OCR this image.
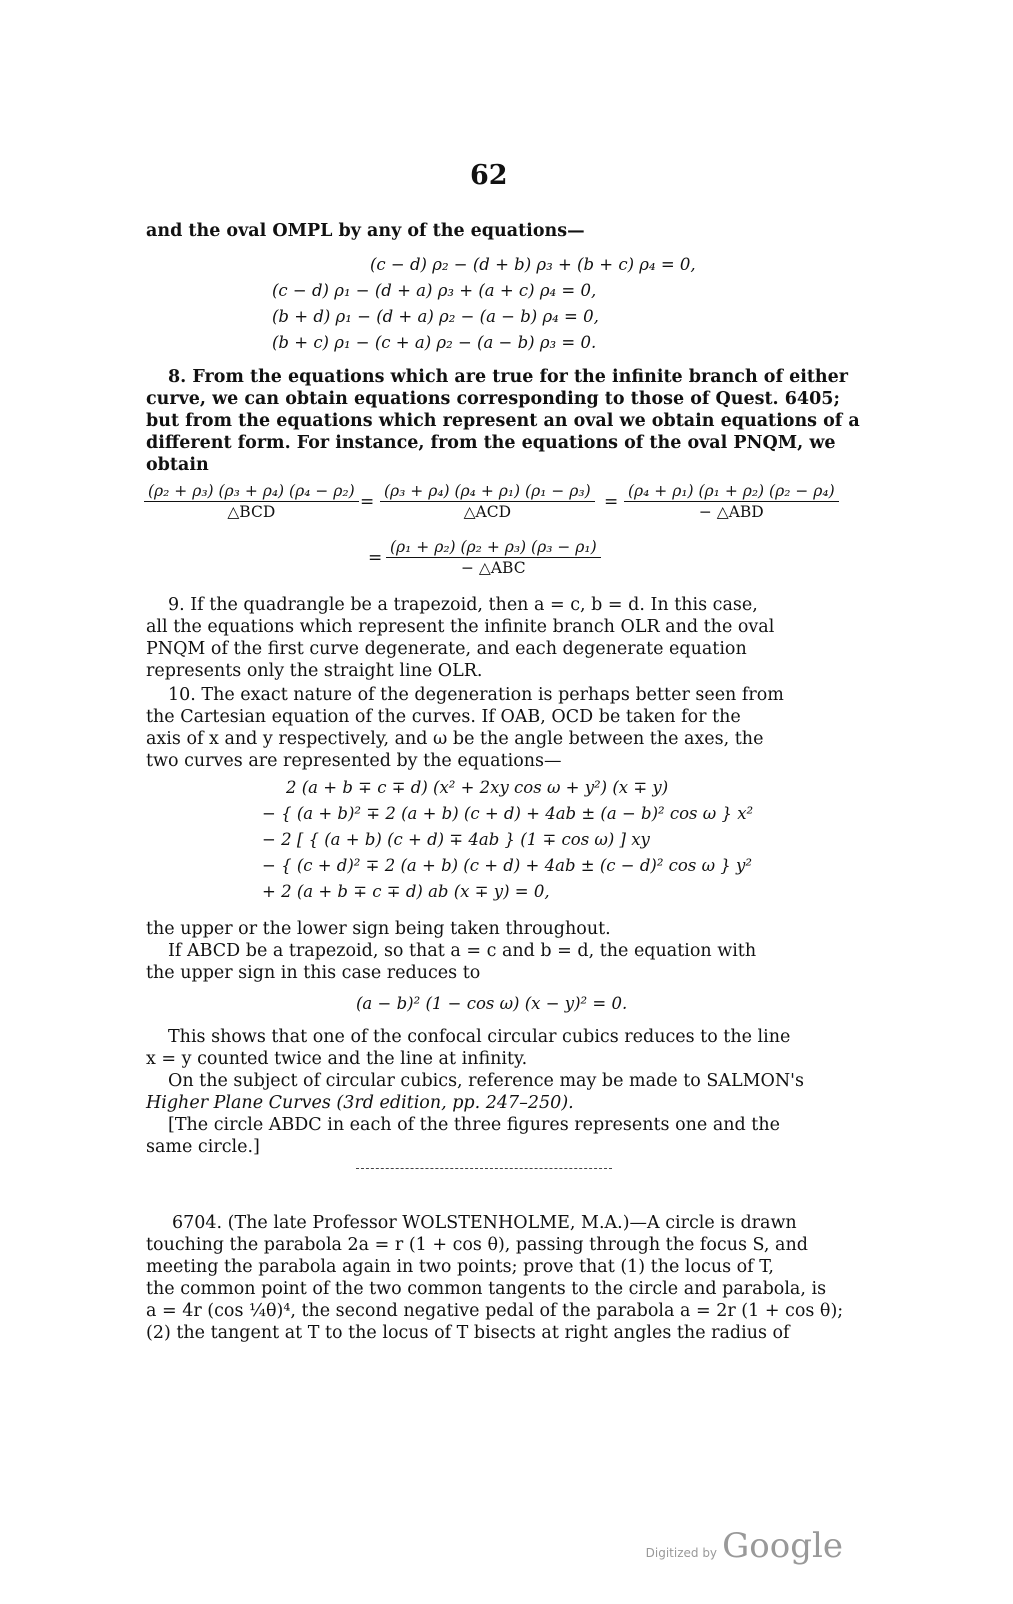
62
and the oval OMPL by any of the equations—
(c − d) ρ₂ − (d + b) ρ₃ + (b + c) ρ₄ = 0,
(c − d) ρ₁ − (d + a) ρ₃ + (a + c) ρ₄ = 0,
(b + d) ρ₁ − (d + a) ρ₂ − (a − b) ρ₄ = 0,
(b + c) ρ₁ − (c + a) ρ₂ − (a − b) ρ₃ = 0.
8. From the equations which are true for the infinite branch of either
curve, we can obtain equations corresponding to those of Quest. 6405;
but from the equations which represent an oval we obtain equations of a
different form. For instance, from the equations of the oval PNQM, we
obtain
(ρ₂ + ρ₃) (ρ₃ + ρ₄) (ρ₄ − ρ₂)
△BCD	=
(ρ₃ + ρ₄) (ρ₄ + ρ₁) (ρ₁ − ρ₃)
△ACD	=
(ρ₄ + ρ₁) (ρ₁ + ρ₂) (ρ₂ − ρ₄)
− △ABD
=
(ρ₁ + ρ₂) (ρ₂ + ρ₃) (ρ₃ − ρ₁)
− △ABC
9. If the quadrangle be a trapezoid, then a = c, b = d. In this case,
all the equations which represent the infinite branch OLR and the oval
PNQM of the first curve degenerate, and each degenerate equation
represents only the straight line OLR.
10. The exact nature of the degeneration is perhaps better seen from
the Cartesian equation of the curves. If OAB, OCD be taken for the
axis of x and y respectively, and ω be the angle between the axes, the
two curves are represented by the equations—
2 (a + b ∓ c ∓ d) (x² + 2xy cos ω + y²) (x ∓ y)
− { (a + b)² ∓ 2 (a + b) (c + d) + 4ab ± (a − b)² cos ω } x²
− 2 [ { (a + b) (c + d) ∓ 4ab } (1 ∓ cos ω) ] xy
− { (c + d)² ∓ 2 (a + b) (c + d) + 4ab ± (c − d)² cos ω } y²
+ 2 (a + b ∓ c ∓ d) ab (x ∓ y) = 0,
the upper or the lower sign being taken throughout.
If ABCD be a trapezoid, so that a = c and b = d, the equation with
the upper sign in this case reduces to
(a − b)² (1 − cos ω) (x − y)² = 0.
This shows that one of the confocal circular cubics reduces to the line
x = y counted twice and the line at infinity.
On the subject of circular cubics, reference may be made to SALMON's
Higher Plane Curves (3rd edition, pp. 247–250).
[The circle ABDC in each of the three figures represents one and the
same circle.]
6704. (The late Professor WOLSTENHOLME, M.A.)—A circle is drawn
touching the parabola 2a = r (1 + cos θ), passing through the focus S, and
meeting the parabola again in two points; prove that (1) the locus of T,
the common point of the two common tangents to the circle and parabola, is
a = 4r (cos ¼θ)⁴, the second negative pedal of the parabola a = 2r (1 + cos θ);
(2) the tangent at T to the locus of T bisects at right angles the radius of
Digitized by Google
